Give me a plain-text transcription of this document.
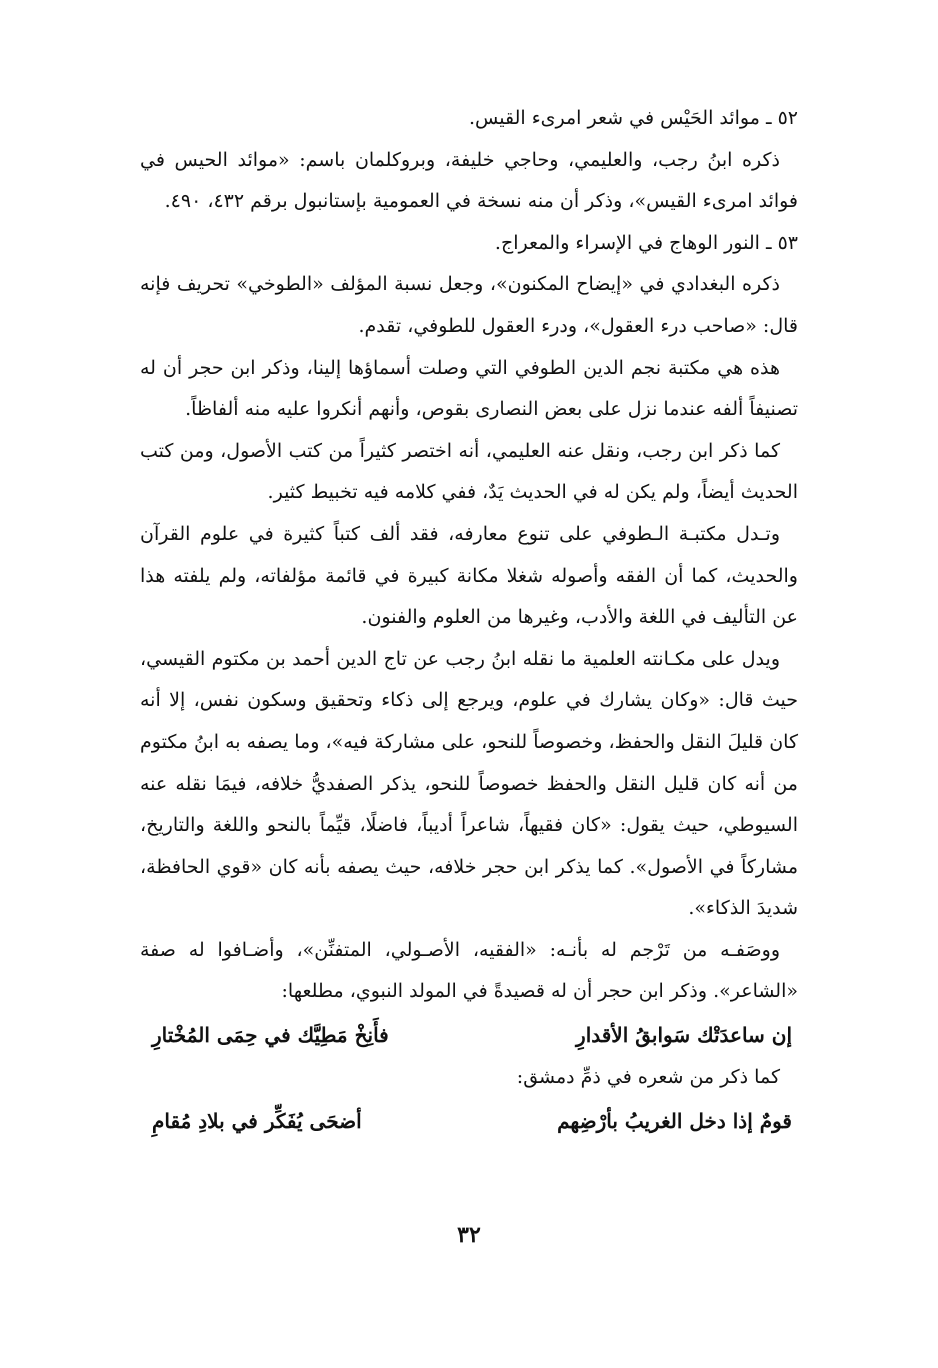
٥٢ ـ موائد الحَيْس في شعر امرىء القيس.

ذكره ابنُ رجب، والعليمي، وحاجي خليفة، وبروكلمان باسم: «موائد الحيس في فوائد امرىء القيس»، وذكر أن منه نسخة في العمومية بإستانبول برقم ٤٣٢، ٤٩٠.

٥٣ ـ النور الوهاج في الإسراء والمعراج.

ذكره البغدادي في «إيضاح المكنون»، وجعل نسبة المؤلف «الطوخي» تحريف فإنه قال: «صاحب درء العقول»، ودرء العقول للطوفي، تقدم.

هذه هي مكتبة نجم الدين الطوفي التي وصلت أسماؤها إلينا، وذكر ابن حجر أن له تصنيفاً ألفه عندما نزل على بعض النصارى بقوص، وأنهم أنكروا عليه منه ألفاظاً.

كما ذكر ابن رجب، ونقل عنه العليمي، أنه اختصر كثيراً من كتب الأصول، ومن كتب الحديث أيضاً، ولم يكن له في الحديث يَدٌ، ففي كلامه فيه تخبيط كثير.

وتـدل مكتبـة الـطوفي على تنوع معارفه، فقد ألف كتباً كثيرة في علوم القرآن والحديث، كما أن الفقه وأصوله شغلا مكانة كبيرة في قائمة مؤلفاته، ولم يلفته هذا عن التأليف في اللغة والأدب، وغيرها من العلوم والفنون.

ويدل على مكـانته العلمية ما نقله ابنُ رجب عن تاج الدين أحمد بن مكتوم القيسي، حيث قال: «وكان يشارك في علوم، ويرجع إلى ذكاء وتحقيق وسكون نفس، إلا أنه كان قليلَ النقل والحفظ، وخصوصاً للنحو، على مشاركة فيه»، وما يصفه به ابنُ مكتوم من أنه كان قليل النقل والحفظ خصوصاً للنحو، يذكر الصفديُّ خلافه، فيمَا نقله عنه السيوطي، حيث يقول: «كان فقيهاً، شاعراً أديباً، فاضلًا، قيِّماً بالنحو واللغة والتاريخ، مشاركاً في الأصول». كما يذكر ابن حجر خلافه، حيث يصفه بأنه كان «قوي الحافظة، شديدَ الذكاء».

ووصَفـه من تَرْجم له بأنـه: «الفقيه، الأصـولي، المتفنِّن»، وأضـافوا له صفة «الشاعر». وذكر ابن حجر أن له قصيدةً في المولد النبوي، مطلعها:

إن ساعدَتْك سَوابقُ الأقدارِ
فأَنِخْ مَطِيَّك في حِمَى المُخْتارِ

كما ذكر من شعره في ذمِّ دمشق:

قومٌ إذا دخل الغريبُ بأرْضِهم
أضحَى يُفَكِّر في بلادِ مُقامِ
٣٢
